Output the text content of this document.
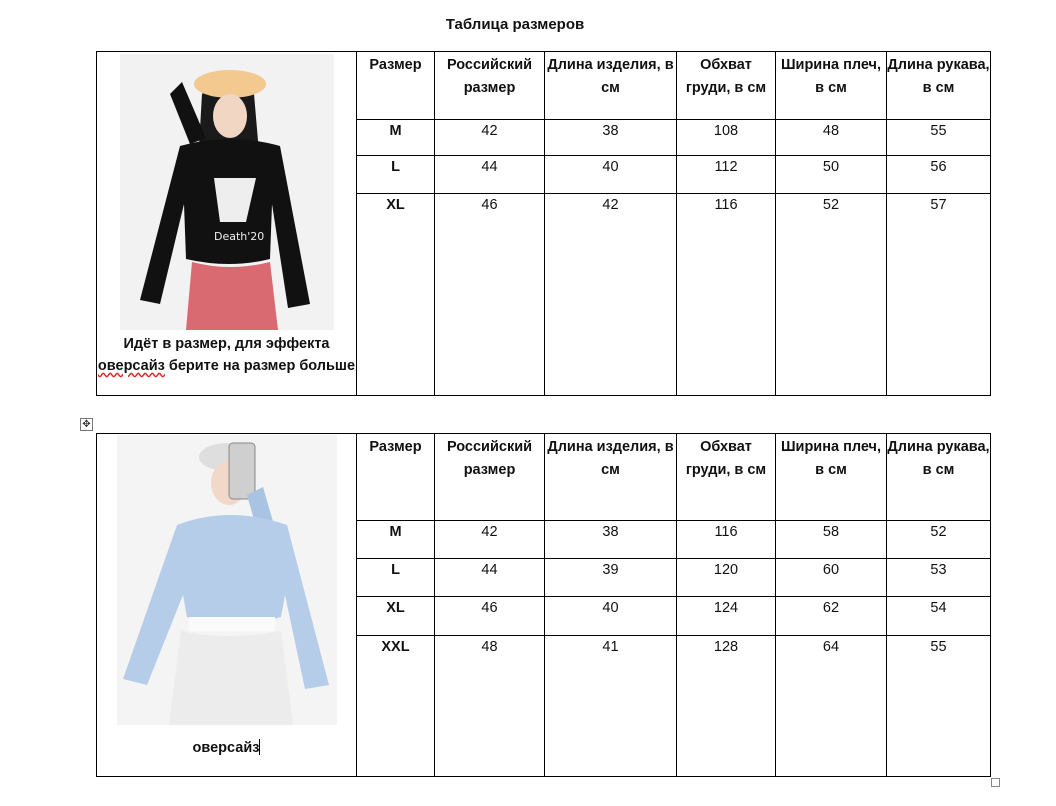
Таблица размеров
Death'20
Идёт в размер, для эффекта
оверсайз берите на размер больше	Размер	Российский размер	Длина изделия, в см	Обхват груди, в см	Ширина плеч, в см	Длина рукава, в см

	M	42	38	108	48	55

	L	44	40	112	50	56

	XL	46	42	116	52	57
✥
оверсайз	Размер	Российский размер	Длина изделия, в см	Обхват груди, в см	Ширина плеч, в см	Длина рукава, в см

	M	42	38	116	58	52

	L	44	39	120	60	53

	XL	46	40	124	62	54

	XXL	48	41	128	64	55
